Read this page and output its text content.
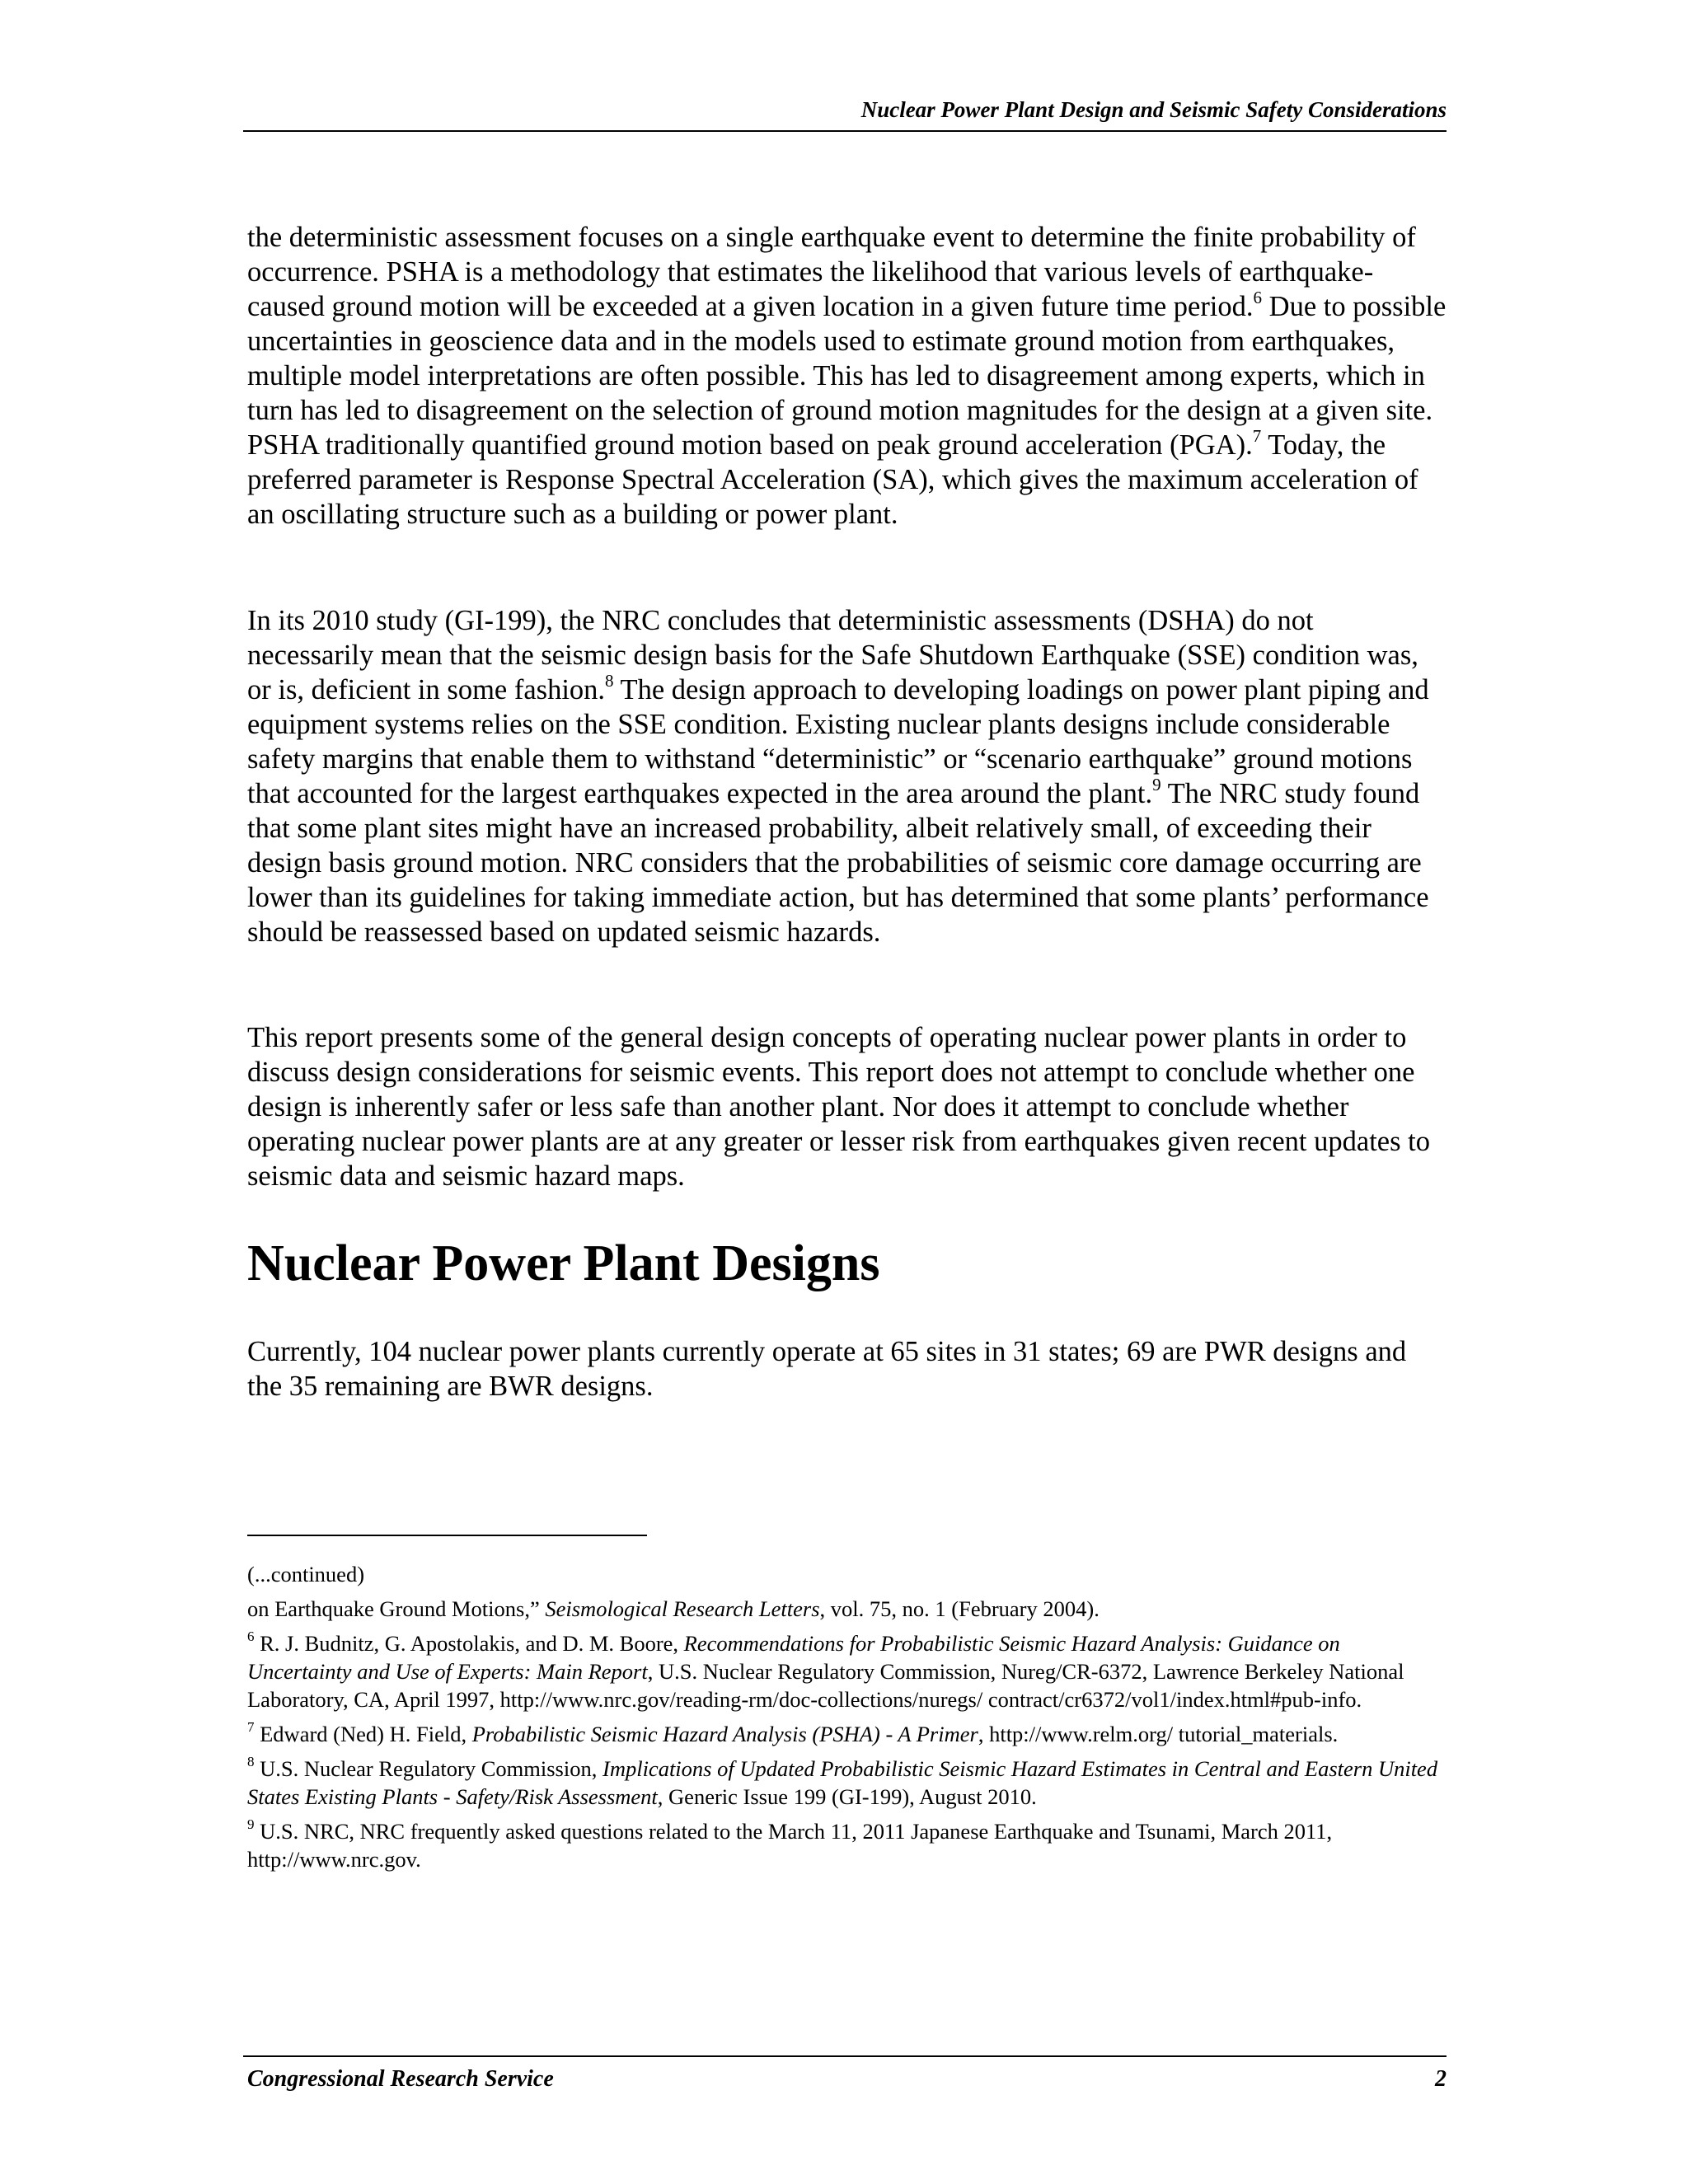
Nuclear Power Plant Design and Seismic Safety Considerations

the deterministic assessment focuses on a single earthquake event to determine the finite probability of occurrence. PSHA is a methodology that estimates the likelihood that various levels of earthquake-caused ground motion will be exceeded at a given location in a given future time period.$^6$ Due to possible uncertainties in geoscience data and in the models used to estimate ground motion from earthquakes, multiple model interpretations are often possible. This has led to disagreement among experts, which in turn has led to disagreement on the selection of ground motion magnitudes for the design at a given site. PSHA traditionally quantified ground motion based on peak ground acceleration (PGA).$^7$ Today, the preferred parameter is Response Spectral Acceleration (SA), which gives the maximum acceleration of an oscillating structure such as a building or power plant.

In its 2010 study (GI-199), the NRC concludes that deterministic assessments (DSHA) do not necessarily mean that the seismic design basis for the Safe Shutdown Earthquake (SSE) condition was, or is, deficient in some fashion.$^8$ The design approach to developing loadings on power plant piping and equipment systems relies on the SSE condition. Existing nuclear plants designs include considerable safety margins that enable them to withstand “deterministic” or “scenario earthquake” ground motions that accounted for the largest earthquakes expected in the area around the plant.$^9$ The NRC study found that some plant sites might have an increased probability, albeit relatively small, of exceeding their design basis ground motion. NRC considers that the probabilities of seismic core damage occurring are lower than its guidelines for taking immediate action, but has determined that some plants’ performance should be reassessed based on updated seismic hazards.

This report presents some of the general design concepts of operating nuclear power plants in order to discuss design considerations for seismic events. This report does not attempt to conclude whether one design is inherently safer or less safe than another plant. Nor does it attempt to conclude whether operating nuclear power plants are at any greater or lesser risk from earthquakes given recent updates to seismic data and seismic hazard maps.

Nuclear Power Plant Designs

Currently, 104 nuclear power plants currently operate at 65 sites in 31 states; 69 are PWR designs and the 35 remaining are BWR designs.

(...continued)

on Earthquake Ground Motions,” Seismological Research Letters, vol. 75, no. 1 (February 2004).

$^6$ R. J. Budnitz, G. Apostolakis, and D. M. Boore, Recommendations for Probabilistic Seismic Hazard Analysis: Guidance on Uncertainty and Use of Experts: Main Report, U.S. Nuclear Regulatory Commission, Nureg/CR-6372, Lawrence Berkeley National Laboratory, CA, April 1997, http://www.nrc.gov/reading-rm/doc-collections/nuregs/ contract/cr6372/vol1/index.html#pub-info.

$^7$ Edward (Ned) H. Field, Probabilistic Seismic Hazard Analysis (PSHA) - A Primer, http://www.relm.org/ tutorial_materials.

$^8$ U.S. Nuclear Regulatory Commission, Implications of Updated Probabilistic Seismic Hazard Estimates in Central and Eastern United States Existing Plants - Safety/Risk Assessment, Generic Issue 199 (GI-199), August 2010.

$^9$ U.S. NRC, NRC frequently asked questions related to the March 11, 2011 Japanese Earthquake and Tsunami, March 2011, http://www.nrc.gov.

Congressional Research Service	2
